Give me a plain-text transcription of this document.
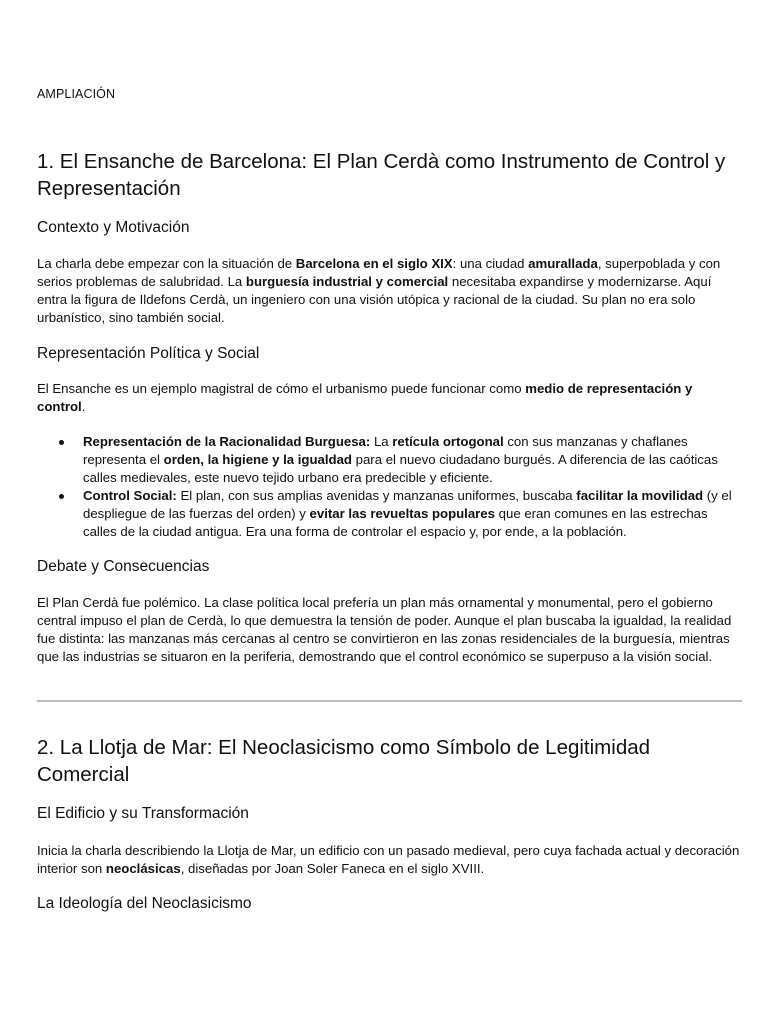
AMPLIACIÓN
1. El Ensanche de Barcelona: El Plan Cerdà como Instrumento de Control y Representación
Contexto y Motivación

La charla debe empezar con la situación de Barcelona en el siglo XIX: una ciudad amurallada, superpoblada y con serios problemas de salubridad. La burguesía industrial y comercial necesitaba expandirse y modernizarse. Aquí entra la figura de Ildefons Cerdà, un ingeniero con una visión utópica y racional de la ciudad. Su plan no era solo urbanístico, sino también social.

Representación Política y Social

El Ensanche es un ejemplo magistral de cómo el urbanismo puede funcionar como medio de representación y control.

Representación de la Racionalidad Burguesa: La retícula ortogonal con sus manzanas y chaflanes representa el orden, la higiene y la igualdad para el nuevo ciudadano burgués. A diferencia de las caóticas calles medievales, este nuevo tejido urbano era predecible y eficiente.
Control Social: El plan, con sus amplias avenidas y manzanas uniformes, buscaba facilitar la movilidad (y el despliegue de las fuerzas del orden) y evitar las revueltas populares que eran comunes en las estrechas calles de la ciudad antigua. Era una forma de controlar el espacio y, por ende, a la población.
Debate y Consecuencias

El Plan Cerdà fue polémico. La clase política local prefería un plan más ornamental y monumental, pero el gobierno central impuso el plan de Cerdà, lo que demuestra la tensión de poder. Aunque el plan buscaba la igualdad, la realidad fue distinta: las manzanas más cercanas al centro se convirtieron en las zonas residenciales de la burguesía, mientras que las industrias se situaron en la periferia, demostrando que el control económico se superpuso a la visión social.

2. La Llotja de Mar: El Neoclasicismo como Símbolo de Legitimidad Comercial
El Edificio y su Transformación

Inicia la charla describiendo la Llotja de Mar, un edificio con un pasado medieval, pero cuya fachada actual y decoración interior son neoclásicas, diseñadas por Joan Soler Faneca en el siglo XVIII.

La Ideología del Neoclasicismo
